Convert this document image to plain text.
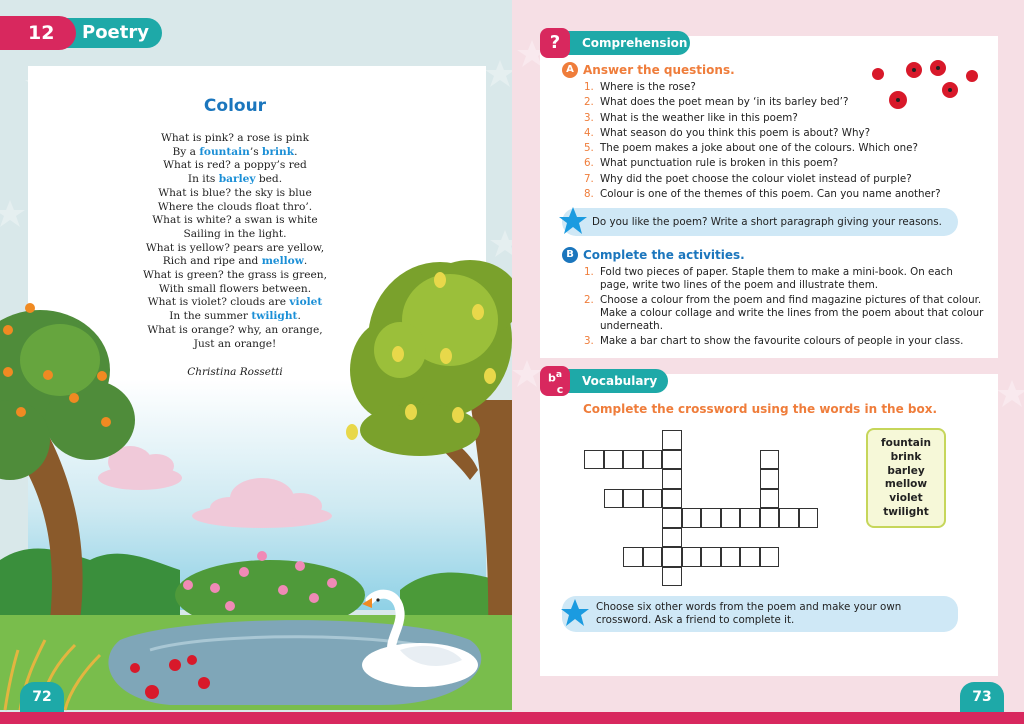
12	Poetry
Colour
What is pink? a rose is pink
By a fountain’s brink.
What is red? a poppy’s red
In its barley bed.
What is blue? the sky is blue
Where the clouds float thro’.
What is white? a swan is white
Sailing in the light.
What is yellow? pears are yellow,
Rich and ripe and mellow.
What is green? the grass is green,
With small flowers between.
What is violet? clouds are violet
In the summer twilight.
What is orange? why, an orange,
Just an orange!
Christina Rossetti
72
Comprehension
?
A Answer the questions.
1. Where is the rose?
2. What does the poet mean by ‘in its barley bed’?
3. What is the weather like in this poem?
4. What season do you think this poem is about? Why?
5. The poem makes a joke about one of the colours. Which one?
6. What punctuation rule is broken in this poem?
7. Why did the poet choose the colour violet instead of purple?
8. Colour is one of the themes of this poem. Can you name another?
Do you like the poem? Write a short paragraph giving your reasons.
B Complete the activities.
1. Fold two pieces of paper. Staple them to make a mini-book. On each page, write two lines of the poem and illustrate them.
2. Choose a colour from the poem and find magazine pictures of that colour. Make a colour collage and write the lines from the poem about that colour underneath.
3. Make a bar chart to show the favourite colours of people in your class.
Vocabulary
$b^a$
c
Complete the crossword using the words in the box.
fountain
brink
barley
mellow
violet
twilight
Choose six other words from the poem and make your own crossword. Ask a friend to complete it.
73
